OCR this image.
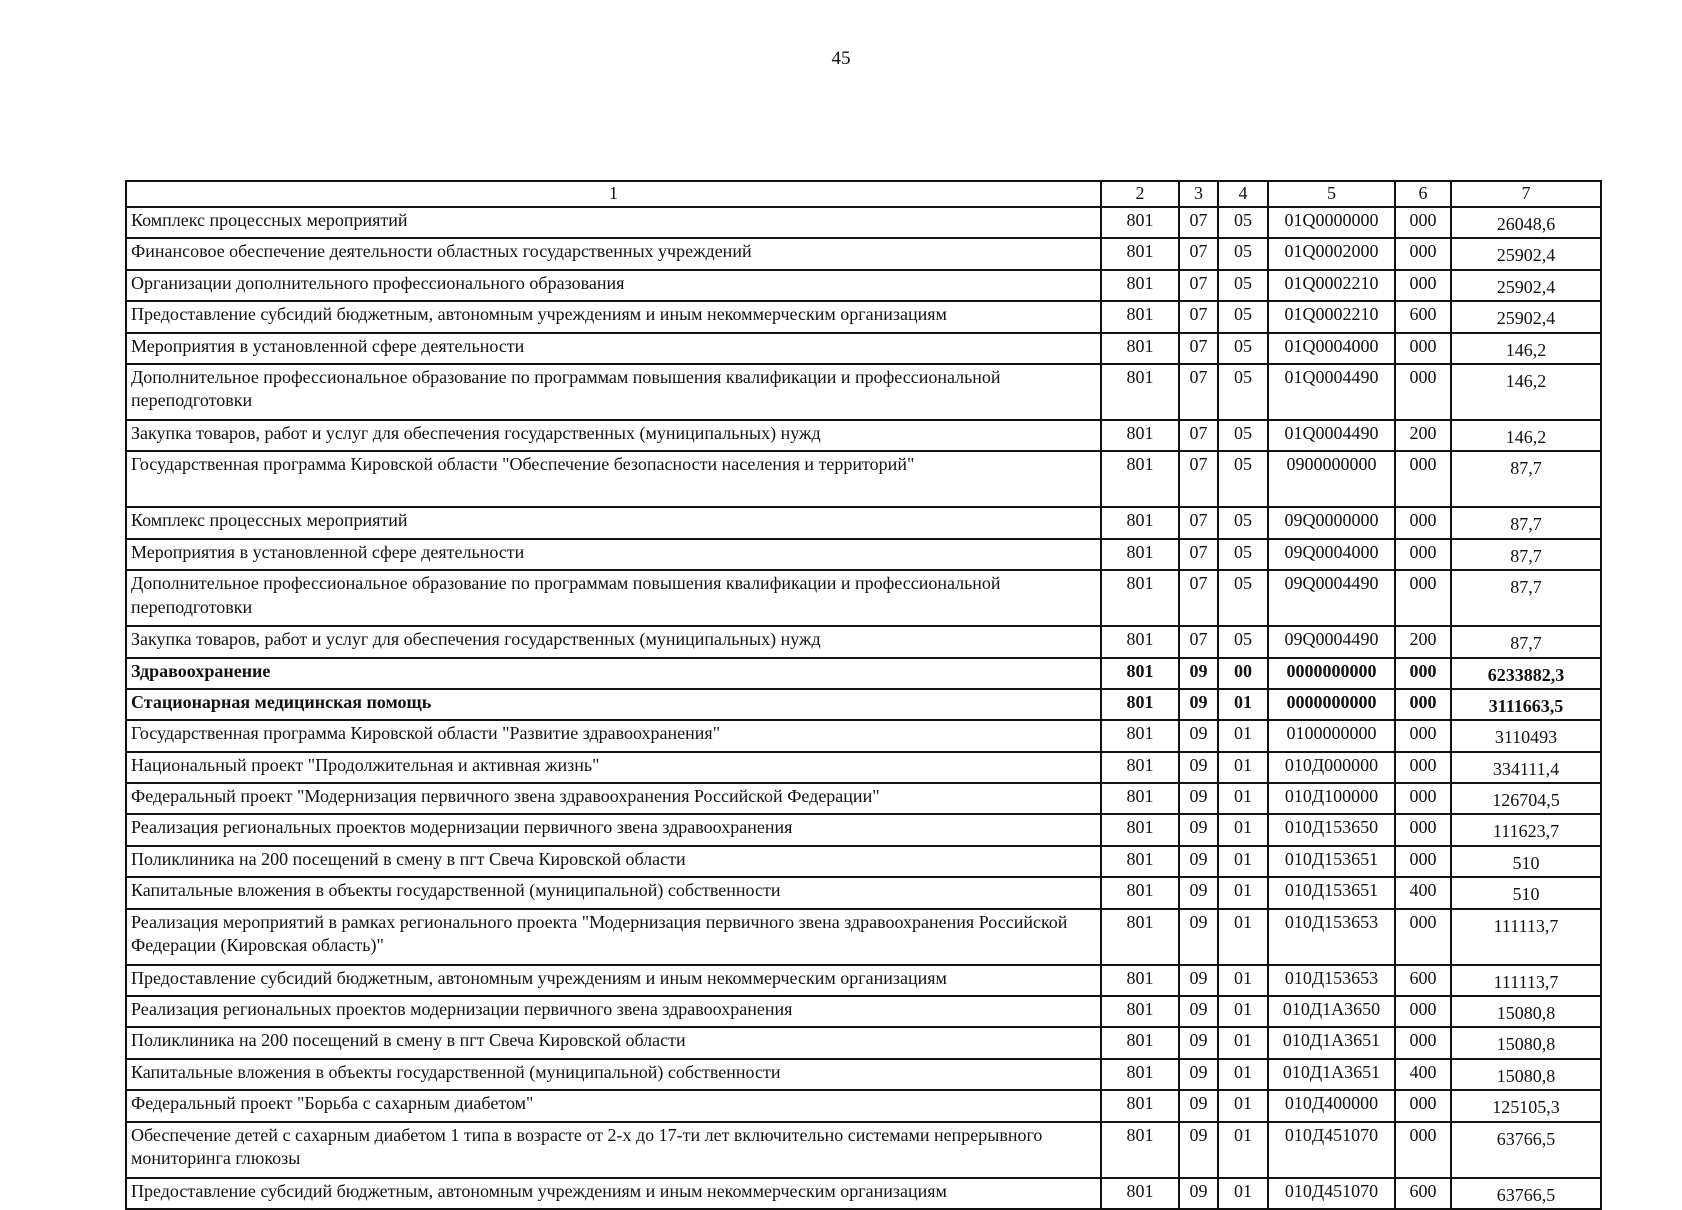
45
1	2	3	4	5	6	7
Комплекс процессных мероприятий	801	07	05	01Q0000000	000	26048,6
Финансовое обеспечение деятельности областных государственных учреждений	801	07	05	01Q0002000	000	25902,4
Организации дополнительного профессионального образования	801	07	05	01Q0002210	000	25902,4
Предоставление субсидий бюджетным, автономным учреждениям и иным некоммерческим организациям	801	07	05	01Q0002210	600	25902,4
Мероприятия в установленной сфере деятельности	801	07	05	01Q0004000	000	146,2
Дополнительное профессиональное образование по программам повышения квалификации и профессиональной переподготовки	801	07	05	01Q0004490	000	146,2
Закупка товаров, работ и услуг для обеспечения государственных (муниципальных) нужд	801	07	05	01Q0004490	200	146,2
Государственная программа Кировской области "Обеспечение безопасности населения и территорий"	801	07	05	0900000000	000	87,7
Комплекс процессных мероприятий	801	07	05	09Q0000000	000	87,7
Мероприятия в установленной сфере деятельности	801	07	05	09Q0004000	000	87,7
Дополнительное профессиональное образование по программам повышения квалификации и профессиональной переподготовки	801	07	05	09Q0004490	000	87,7
Закупка товаров, работ и услуг для обеспечения государственных (муниципальных) нужд	801	07	05	09Q0004490	200	87,7
Здравоохранение	801	09	00	0000000000	000	6233882,3
Стационарная медицинская помощь	801	09	01	0000000000	000	3111663,5
Государственная программа Кировской области "Развитие здравоохранения"	801	09	01	0100000000	000	3110493
Национальный проект "Продолжительная и активная жизнь"	801	09	01	010Д000000	000	334111,4
Федеральный проект "Модернизация первичного звена здравоохранения Российской Федерации"	801	09	01	010Д100000	000	126704,5
Реализация региональных проектов модернизации первичного звена здравоохранения	801	09	01	010Д153650	000	111623,7
Поликлиника на 200 посещений в смену в пгт Свеча Кировской области	801	09	01	010Д153651	000	510
Капитальные вложения в объекты государственной (муниципальной) собственности	801	09	01	010Д153651	400	510
Реализация мероприятий в рамках регионального проекта "Модернизация первичного звена здравоохранения Российской Федерации (Кировская область)"	801	09	01	010Д153653	000	111113,7
Предоставление субсидий бюджетным, автономным учреждениям и иным некоммерческим организациям	801	09	01	010Д153653	600	111113,7
Реализация региональных проектов модернизации первичного звена здравоохранения	801	09	01	010Д1А3650	000	15080,8
Поликлиника на 200 посещений в смену в пгт Свеча Кировской области	801	09	01	010Д1А3651	000	15080,8
Капитальные вложения в объекты государственной (муниципальной) собственности	801	09	01	010Д1А3651	400	15080,8
Федеральный проект "Борьба с сахарным диабетом"	801	09	01	010Д400000	000	125105,3
Обеспечение детей с сахарным диабетом 1 типа в возрасте от 2-х до 17-ти лет включительно системами непрерывного мониторинга глюкозы	801	09	01	010Д451070	000	63766,5
Предоставление субсидий бюджетным, автономным учреждениям и иным некоммерческим организациям	801	09	01	010Д451070	600	63766,5
